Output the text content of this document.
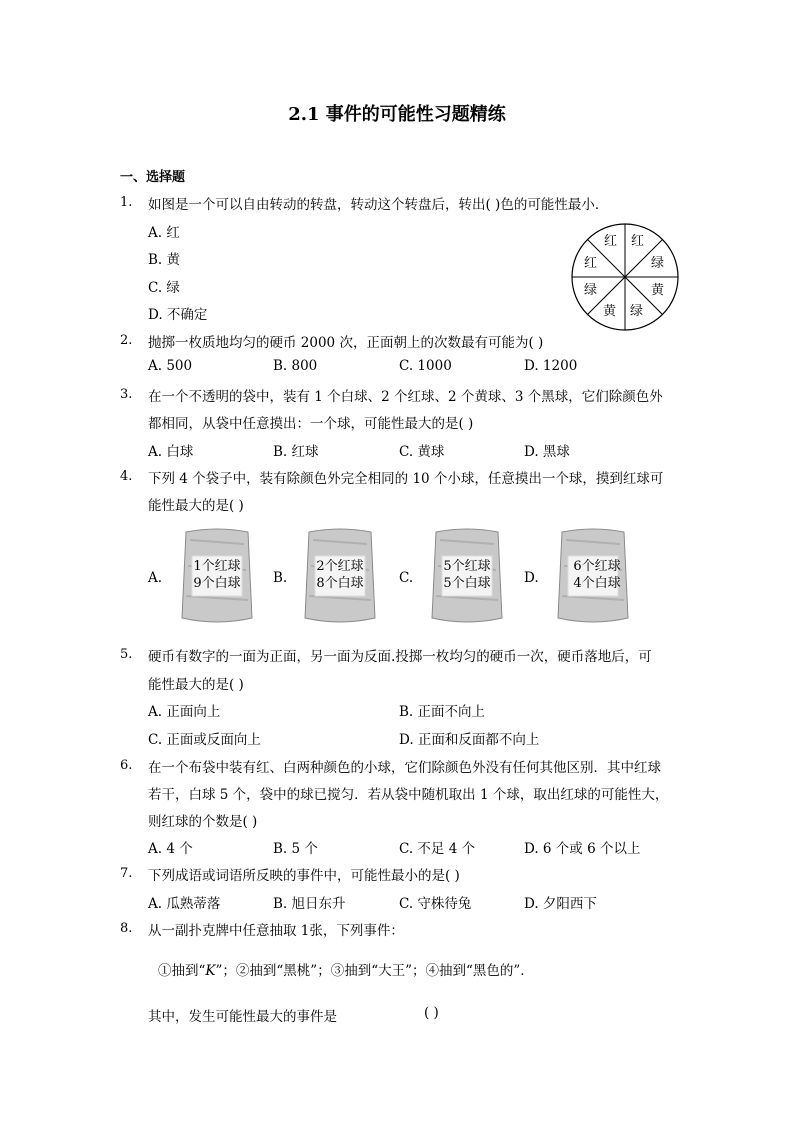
2.1 事件的可能性习题精练
一、选择题
1. 如图是一个可以自由转动的转盘，转动这个转盘后，转出( )色的可能性最小．
A. 红
B. 黄
C. 绿
D. 不确定
红 红
绿
黄
绿
黄
绿
红
2. 抛掷一枚质地均匀的硬币 2000 次，正面朝上的次数最有可能为( )
A. 500	B. 800	C. 1000	D. 1200
3. 在一个不透明的袋中，装有 1 个白球、2 个红球、2 个黄球、3 个黑球，它们除颜色外
都相同，从袋中任意摸出：一个球，可能性最大的是( )
A. 白球	B. 红球	C. 黄球	D. 黑球
4. 下列 4 个袋子中，装有除颜色外完全相同的 10 个小球，任意摸出一个球，摸到红球可
能性最大的是( )
A.
1个红球
9个白球	B.
2个红球
8个白球	C.
5个红球
5个白球	D.
6个红球
4个白球
5. 硬币有数字的一面为正面，另一面为反面.投掷一枚均匀的硬币一次，硬币落地后，可
能性最大的是( )
A. 正面向上	B. 正面不向上
C. 正面或反面向上	D. 正面和反面都不向上
6. 在一个布袋中装有红、白两种颜色的小球，它们除颜色外没有任何其他区别．其中红球
若干，白球 5 个，袋中的球已搅匀．若从袋中随机取出 1 个球，取出红球的可能性大，
则红球的个数是( )
A. 4 个	B. 5 个	C. 不足 4 个	D. 6 个或 6 个以上
7. 下列成语或词语所反映的事件中，可能性最小的是( )
A. 瓜熟蒂落	B. 旭日东升	C. 守株待兔	D. 夕阳西下
8. 从一副扑克牌中任意抽取 1张，下列事件：
①抽到“K”；②抽到“黑桃”；③抽到“大王”；④抽到“黑色的”．
其中，发生可能性最大的事件是	( )
